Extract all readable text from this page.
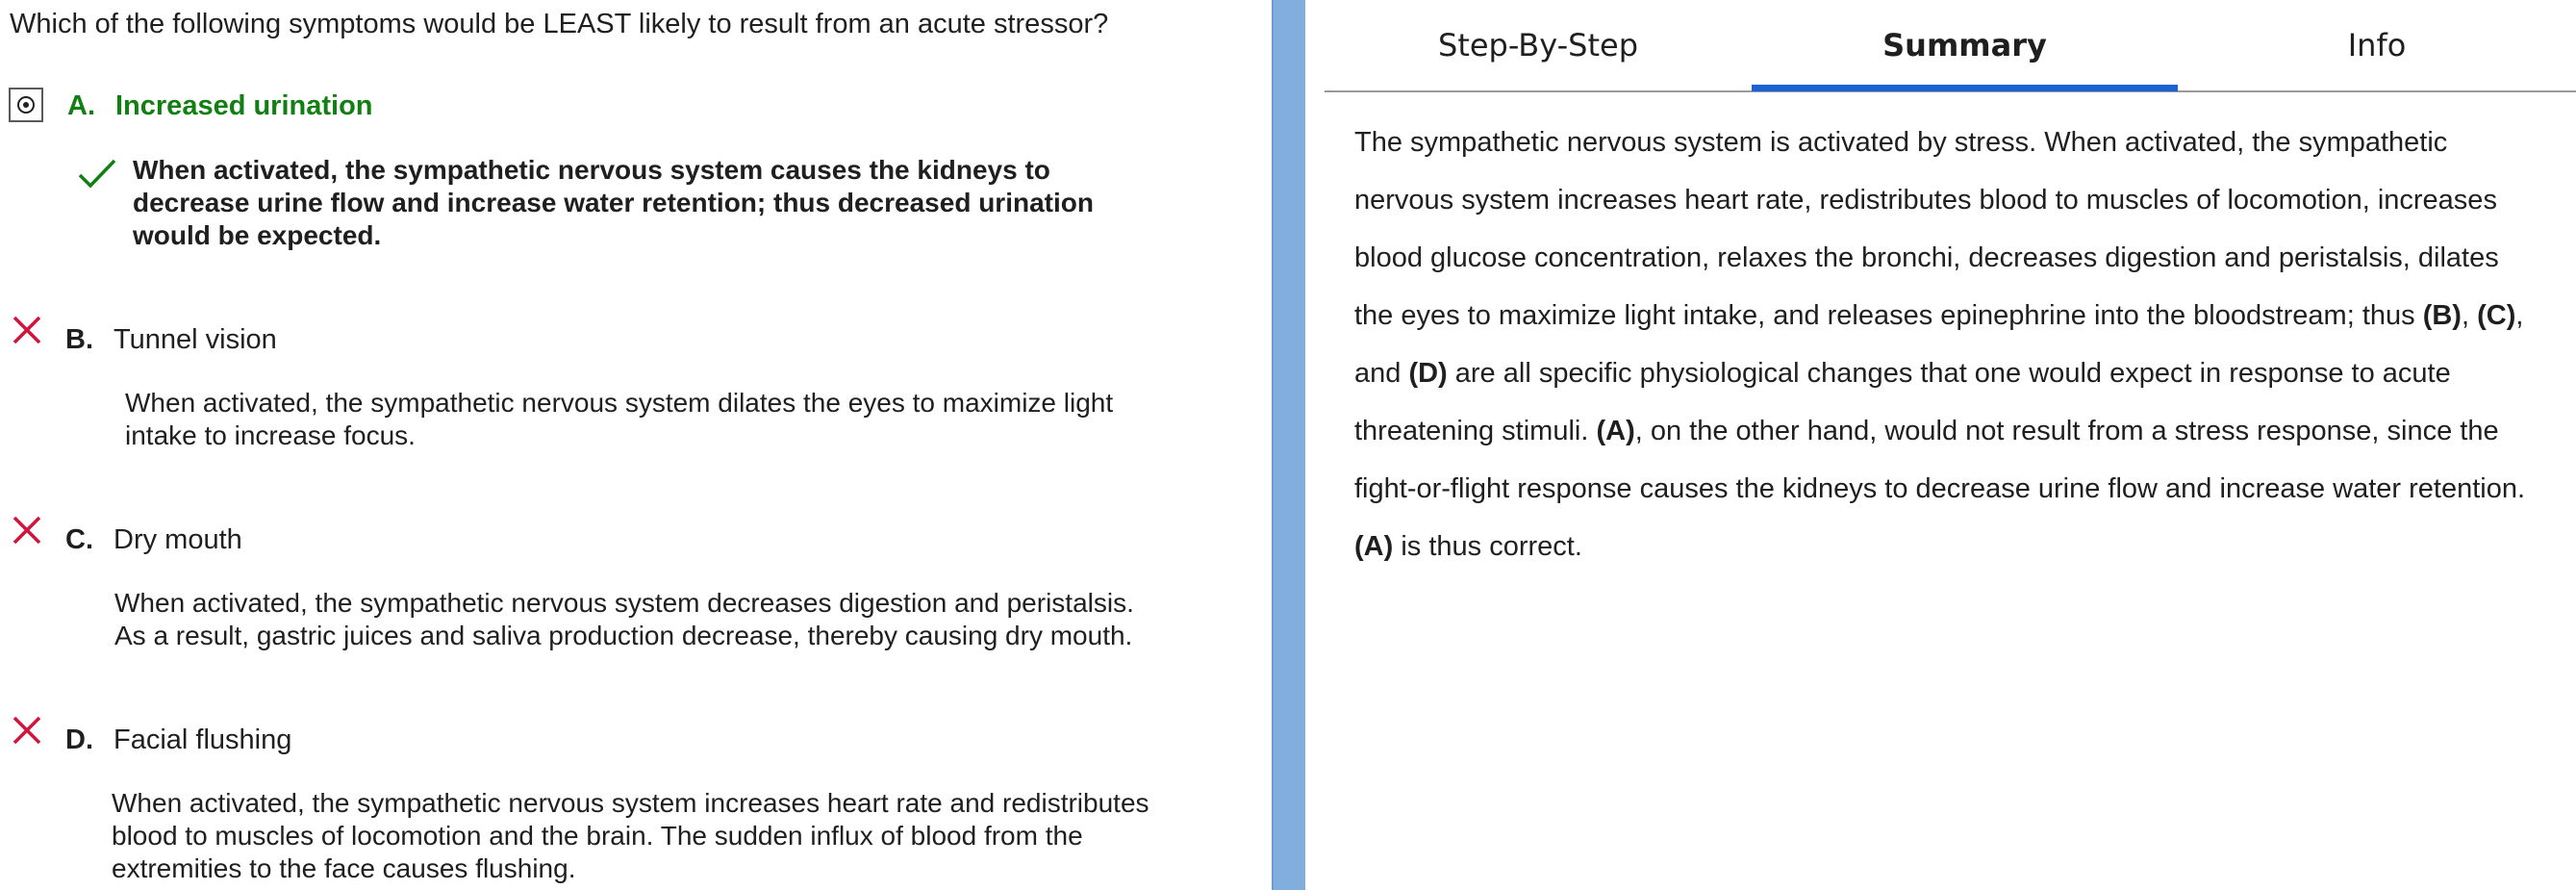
Which of the following symptoms would be LEAST likely to result from an acute stressor?
A. Increased urination
When activated, the sympathetic nervous system causes the kidneys to
decrease urine flow and increase water retention; thus decreased urination
would be expected.
B. Tunnel vision
When activated, the sympathetic nervous system dilates the eyes to maximize light
intake to increase focus.
C. Dry mouth
When activated, the sympathetic nervous system decreases digestion and peristalsis.
As a result, gastric juices and saliva production decrease, thereby causing dry mouth.
D. Facial flushing
When activated, the sympathetic nervous system increases heart rate and redistributes
blood to muscles of locomotion and the brain. The sudden influx of blood from the
extremities to the face causes flushing.
Step-By-Step	Summary	Info
The sympathetic nervous system is activated by stress. When activated, the sympathetic
nervous system increases heart rate, redistributes blood to muscles of locomotion, increases
blood glucose concentration, relaxes the bronchi, decreases digestion and peristalsis, dilates
the eyes to maximize light intake, and releases epinephrine into the bloodstream; thus (B), (C),
and (D) are all specific physiological changes that one would expect in response to acute
threatening stimuli. (A), on the other hand, would not result from a stress response, since the
fight-or-flight response causes the kidneys to decrease urine flow and increase water retention.
(A) is thus correct.
